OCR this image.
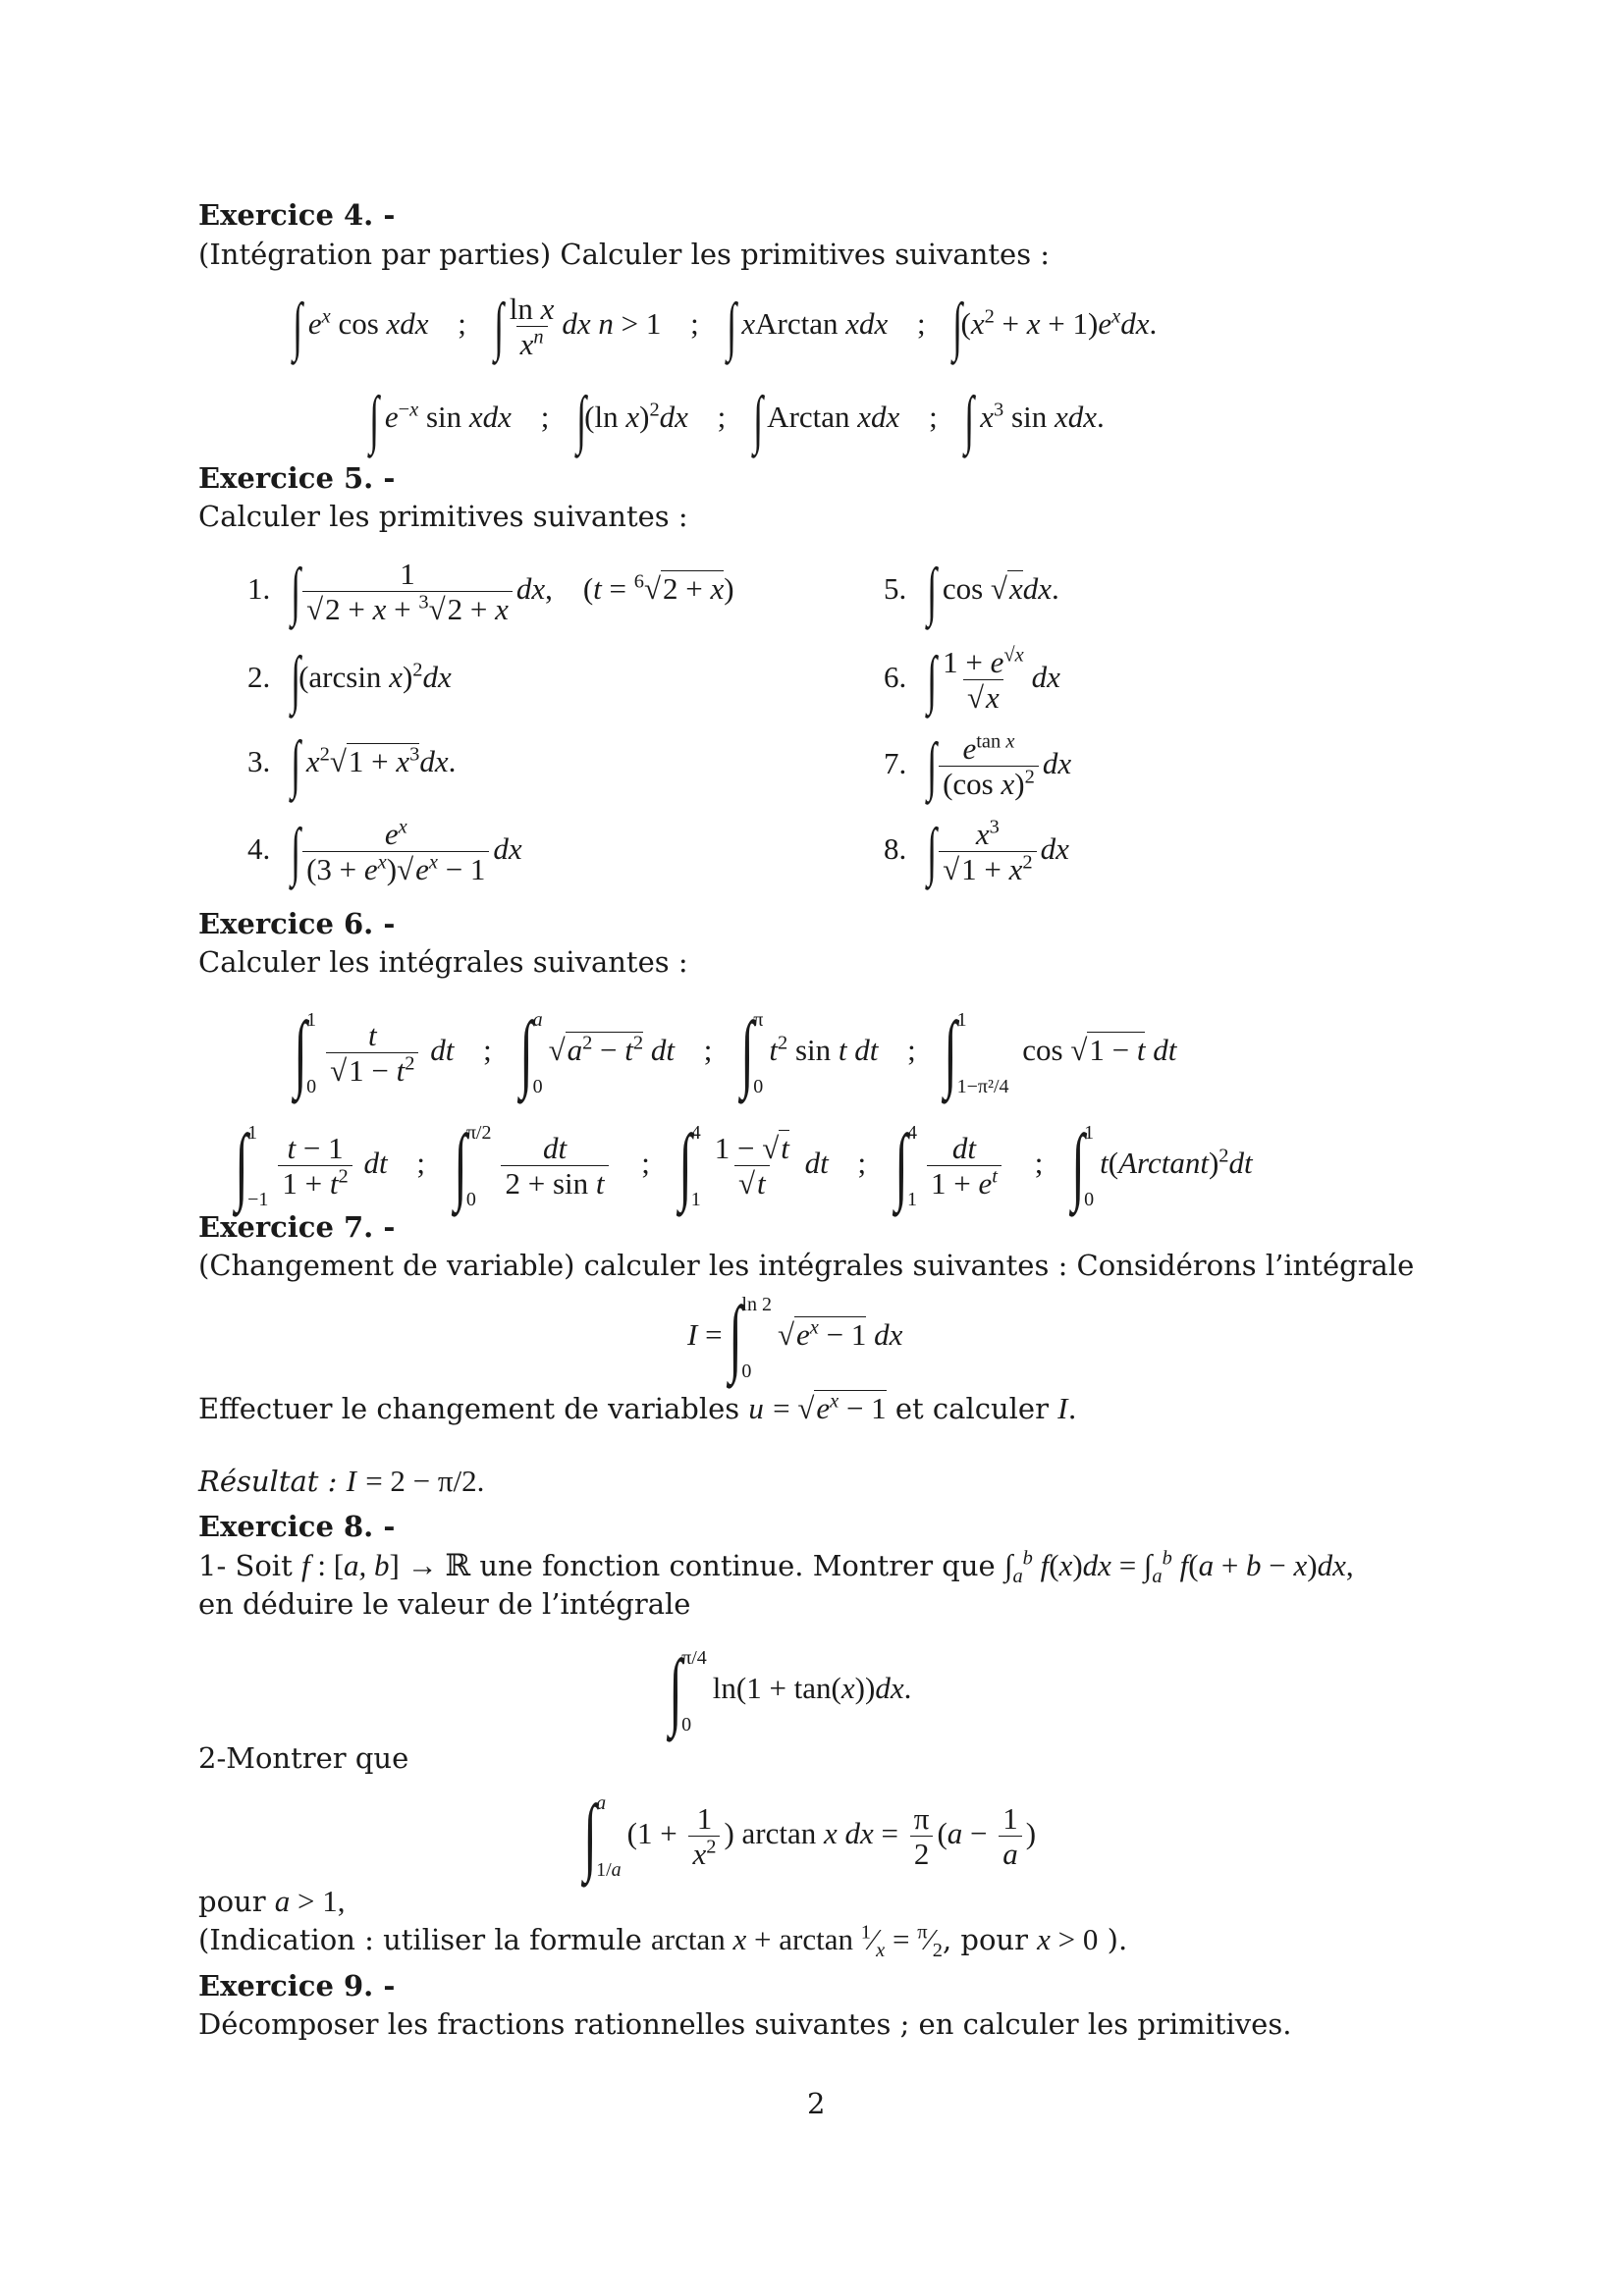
Exercice 4. -
(Intégration par parties) Calculer les primitives suivantes :
∫ $e^x$ cos xdx ; ∫ $\frac{\text{ln x}}{x^n}$ dx n > 1 ; ∫ xArctan xdx ; $\int(x^2 + x + 1)e^xdx$.
∫ $e^{-x}$ sin xdx ; ∫(ln x)$^2$dx ; ∫ Arctan xdx ; ∫ $x^3$ sin xdx.
Exercice 5. -
Calculer les primitives suivantes :
1. ∫ $\frac{1}{√2 + x + ^3√2 + x}$ dx,    (t = $^6$√2 + x)
2. ∫(arcsin x)$^2$dx
3. ∫ $x^2√1 + x^3dx$.
4. ∫ $\frac{e^x}{(3 + e^x)√e^x - 1}$ dx
5. ∫ cos √xdx.
6. ∫ $\frac{1 + e^{√x}}{√x}$ dx
7. ∫ $\frac{e^{tan x}}{(\cos x)^2}$ dx
8. ∫ $\frac{x^3}{√1 + x^2}$ dx
Exercice 6. -
Calculer les intégrales suivantes :
∫ 1
$0 \frac{t}{√1 - t^2}$ dt ; ∫ a
0
$√a^2 - t^2$ dt ; ∫ π
0
$t^2$ sin t dt ; ∫ 1
1−π²/4
cos √1 − t dt
∫ 1
$-1 \frac{t - 1}{1 + t^2}$ dt ; ∫ π/2
$0 \frac{dt}{\text{2 + sin t}}$ ; ∫ 4
$1 \frac{1 - √t}{√t}$ dt ; ∫ 4
$1 \frac{dt}{1 + e^t}$ ; ∫ 1
0
$t(Arctant)^2dt$
Exercice 7. -
(Changement de variable) calculer les intégrales suivantes : Considérons l’intégrale
I = ∫ ln 2
0
$√e^x - 1$ dx
Effectuer le changement de variables $u = √e^x - 1$ et calculer I.
Résultat : I = 2 − π/2.
Exercice 8. -
1- Soit f : [a, b] → ℝ une fonction continue. Montrer que $\int_a^b$ $f(x)dx = \int_a^b$ f(a + b − x)dx,
en déduire le valeur de l’intégrale
∫ π/4
0
ln(1 + tan(x))dx.
2-Montrer que
∫ a
1/a
($1 + \frac{1}{x^2}$ ) arctan x dx = $\frac{\pi}{2} (a - \frac{1}{a}$ )
pour a > 1,
(Indication : utiliser la formule $\arctan x + \arctan ^1⁄_x$ = $^\pi⁄_2$, pour x > 0 ).
Exercice 9. -
Décomposer les fractions rationnelles suivantes ; en calculer les primitives.
2
